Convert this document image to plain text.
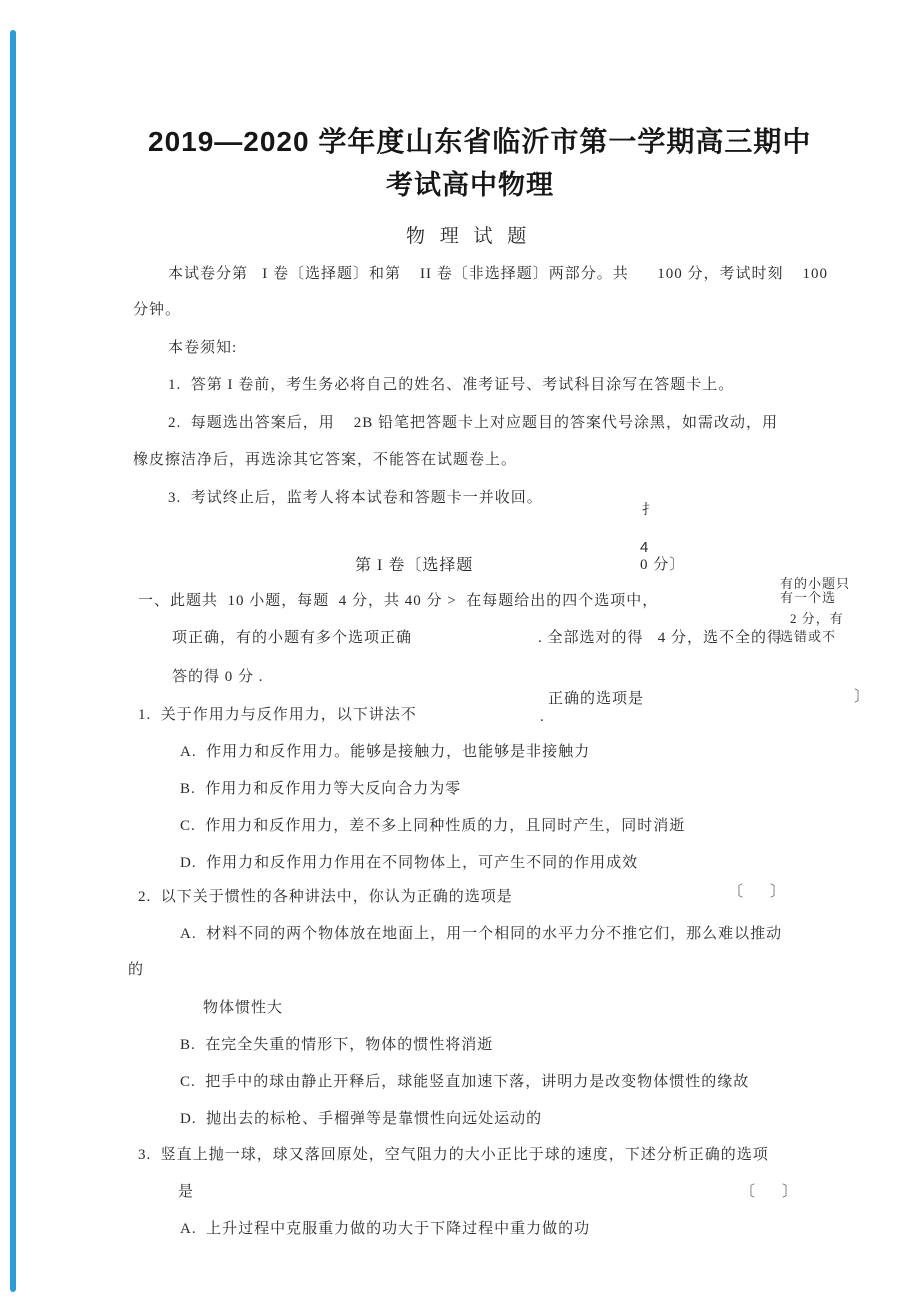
2019—2020 学年度山东省临沂市第一学期高三期中
考试高中物理
物 理 试 题
本试卷分第   I 卷〔选择题〕和第    II 卷〔非选择题〕两部分。共      100 分，考试时刻    100
分钟。
本卷须知:
1.  答第 I 卷前，考生务必将自己的姓名、准考证号、考试科目涂写在答题卡上。
2.  每题选出答案后，用    2B 铅笔把答题卡上对应题目的答案代号涂黑，如需改动，用
橡皮擦洁净后，再选涂其它答案，不能答在试题卷上。
3.  考试终止后，监考人将本试卷和答题卡一并收回。
扌
4
第 I 卷〔选择题	0 分〕
有的小题只
有一个选
一、此题共  10 小题，每题  4 分，共 40 分 >  在每题给出的四个选项中，
2 分，有
项正确，有的小题有多个选项正确	. 全部选对的得   4 分，选不全的得
选错或不
答的得 0 分 .
正确的选项是	〕
1.  关于作用力与反作用力，以下讲法不	.
A.  作用力和反作用力。能够是接触力，也能够是非接触力
B.  作用力和反作用力等大反向合力为零
C.  作用力和反作用力，差不多上同种性质的力，且同时产生，同时消逝
D.  作用力和反作用力作用在不同物体上，可产生不同的作用成效
2.  以下关于惯性的各种讲法中，你认为正确的选项是	〔 〕
A.  材料不同的两个物体放在地面上，用一个相同的水平力分不推它们，那么难以推动
的
物体惯性大
B.  在完全失重的情形下，物体的惯性将消逝
C.  把手中的球由静止开释后，球能竖直加速下落，讲明力是改变物体惯性的缘故
D.  抛出去的标枪、手榴弹等是靠惯性向远处运动的
3.  竖直上抛一球，球又落回原处，空气阻力的大小正比于球的速度，下述分析正确的选项
是	〔 〕
A.  上升过程中克服重力做的功大于下降过程中重力做的功
